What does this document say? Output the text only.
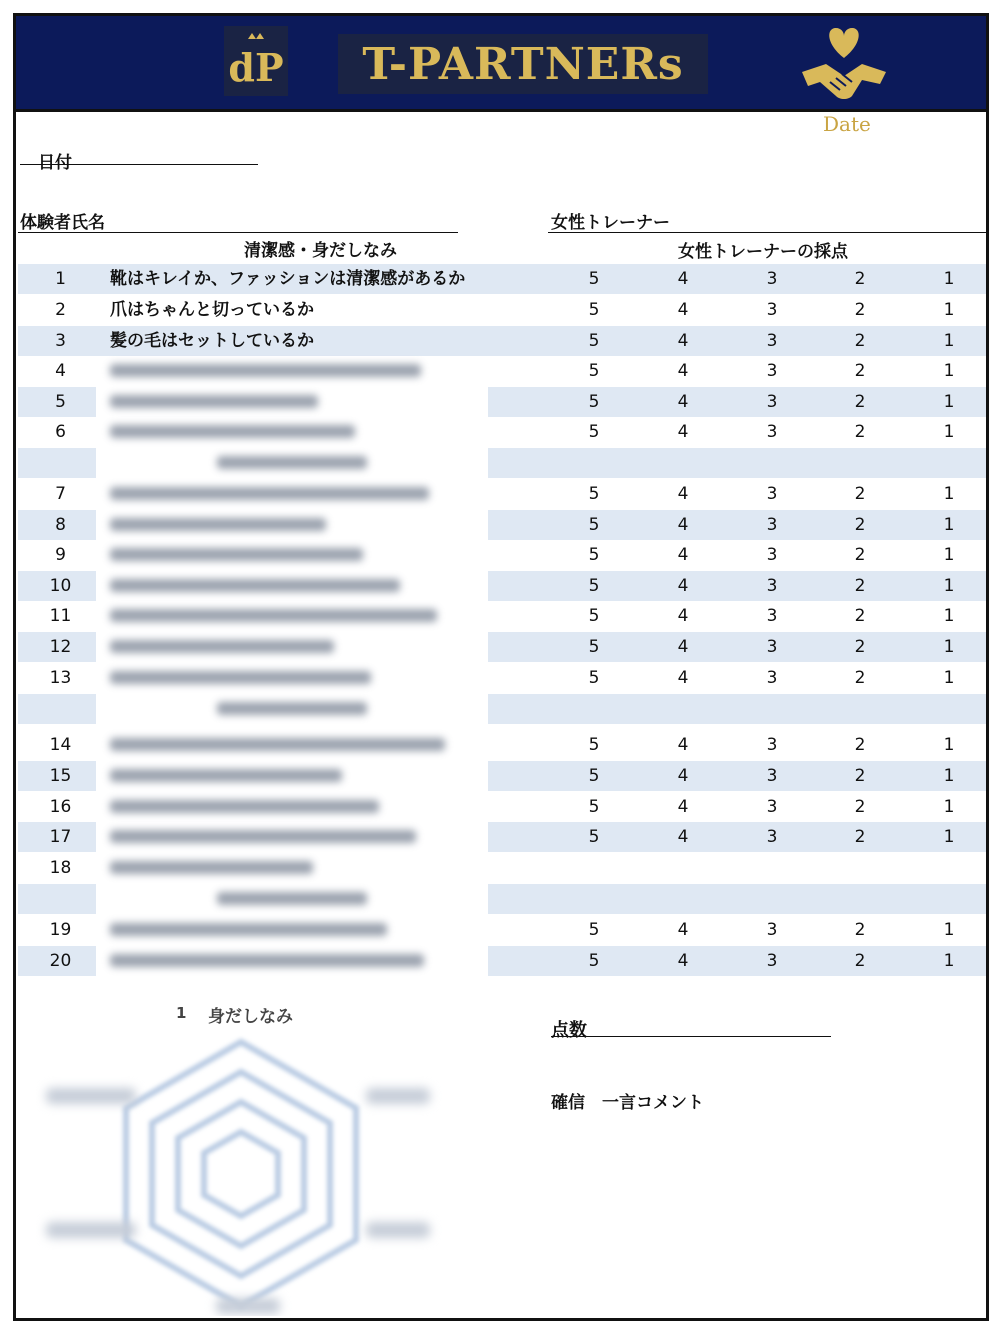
dP T-PARTNERs
Date
日付
体験者氏名	女性トレーナー
清潔感・身だしなみ	女性トレーナーの採点
1	靴はキレイか、ファッションは清潔感があるか	5	4	3	2	1
2	爪はちゃんと切っているか	5	4	3	2	1
3	髪の毛はセットしているか	5	4	3	2	1
4	5	4	3	2	1
5	5	4	3	2	1
6	5	4	3	2	1
7	5	4	3	2	1
8	5	4	3	2	1
9	5	4	3	2	1
10	5	4	3	2	1
11	5	4	3	2	1
12	5	4	3	2	1
13	5	4	3	2	1
14	5	4	3	2	1
15	5	4	3	2	1
16	5	4	3	2	1
17	5	4	3	2	1
18
19	5	4	3	2	1
20	5	4	3	2	1
1 身だしなみ
点数
確信　一言コメント
